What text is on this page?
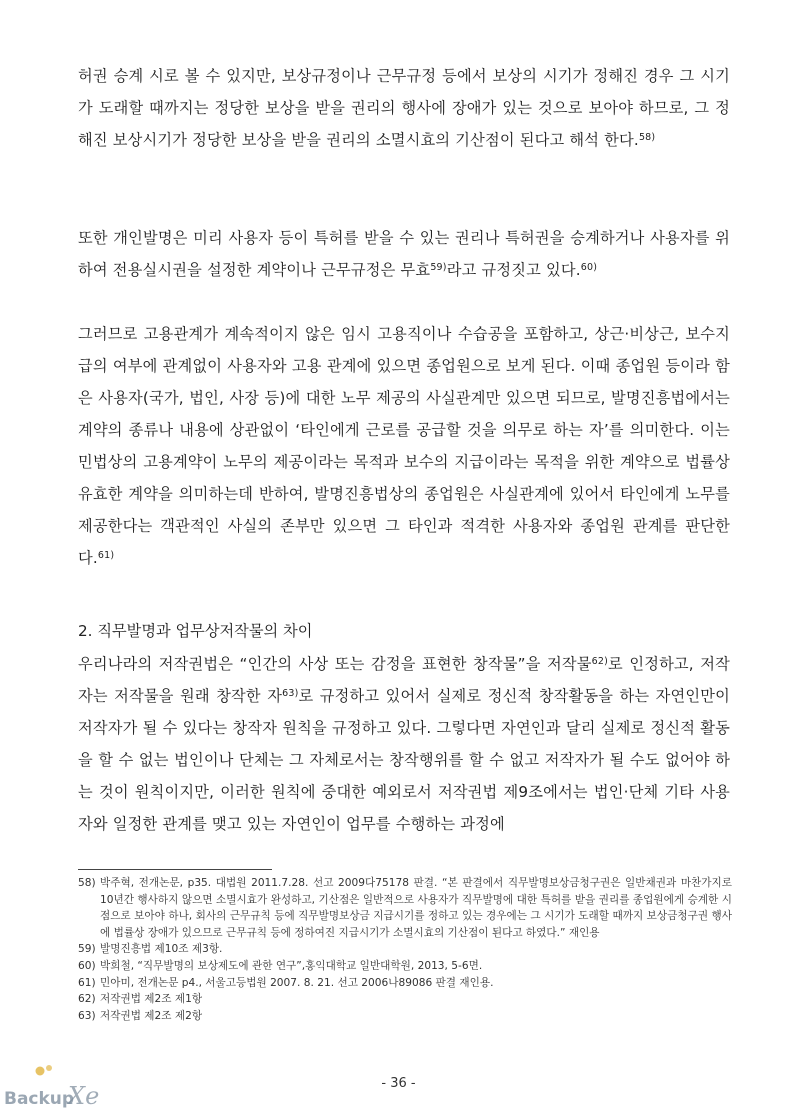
허권 승계 시로 볼 수 있지만, 보상규정이나 근무규정 등에서 보상의 시기가 정해진 경우 그 시기가 도래할 때까지는 정당한 보상을 받을 권리의 행사에 장애가 있는 것으로 보아야 하므로, 그 정해진 보상시기가 정당한 보상을 받을 권리의 소멸시효의 기산점이 된다고 해석 한다.$^{58)}$

또한 개인발명은 미리 사용자 등이 특허를 받을 수 있는 권리나 특허권을 승계하거나 사용자를 위하여 전용실시권을 설정한 계약이나 근무규정은 무효$^{59)}$라고 규정짓고 있다.$^{60)}$

그러므로 고용관계가 계속적이지 않은 임시 고용직이나 수습공을 포함하고, 상근·비상근, 보수지급의 여부에 관계없이 사용자와 고용 관계에 있으면 종업원으로 보게 된다. 이때 종업원 등이라 함은 사용자(국가, 법인, 사장 등)에 대한 노무 제공의 사실관계만 있으면 되므로, 발명진흥법에서는 계약의 종류나 내용에 상관없이 ‘타인에게 근로를 공급할 것을 의무로 하는 자’를 의미한다. 이는 민법상의 고용계약이 노무의 제공이라는 목적과 보수의 지급이라는 목적을 위한 계약으로 법률상 유효한 계약을 의미하는데 반하여, 발명진흥법상의 종업원은 사실관계에 있어서 타인에게 노무를 제공한다는 객관적인 사실의 존부만 있으면 그 타인과 적격한 사용자와 종업원 관계를 판단한다.$^{61)}$

2. 직무발명과 업무상저작물의 차이

우리나라의 저작권법은 “인간의 사상 또는 감정을 표현한 창작물”을 저작물$^{62)}$로 인정하고, 저작자는 저작물을 원래 창작한 자$^{63)}$로 규정하고 있어서 실제로 정신적 창작활동을 하는 자연인만이 저작자가 될 수 있다는 창작자 원칙을 규정하고 있다. 그렇다면 자연인과 달리 실제로 정신적 활동을 할 수 없는 법인이나 단체는 그 자체로서는 창작행위를 할 수 없고 저작자가 될 수도 없어야 하는 것이 원칙이지만, 이러한 원칙에 중대한 예외로서 저작권법 제9조에서는 법인·단체 기타 사용자와 일정한 관계를 맺고 있는 자연인이 업무를 수행하는 과정에

58) 박주혁, 전개논문, p35. 대법원 2011.7.28. 선고 2009다75178 판결. “본 판결에서 직무발명보상금청구권은 일반채권과 마찬가지로 10년간 행사하지 않으면 소멸시효가 완성하고, 기산점은 일반적으로 사용자가 직무발명에 대한 특허를 받을 권리를 종업원에게 승계한 시점으로 보아야 하나, 회사의 근무규칙 등에 직무발명보상금 지급시기를 정하고 있는 경우에는 그 시기가 도래할 때까지 보상금청구권 행사에 법률상 장애가 있으므로 근무규칙 등에 정하여진 지급시기가 소멸시효의 기산점이 된다고 하였다.” 재인용
59) 발명진흥법 제10조 제3항.
60) 박희철, “직무발명의 보상제도에 관한 연구”,홍익대학교 일반대학원, 2013, 5-6면.
61) 민아미, 전개논문 p4., 서울고등법원 2007. 8. 21. 선고 2006나89086 판결 재인용.
62) 저작권법 제2조 제1항
63) 저작권법 제2조 제2항
- 36 -
Backup
Xe
